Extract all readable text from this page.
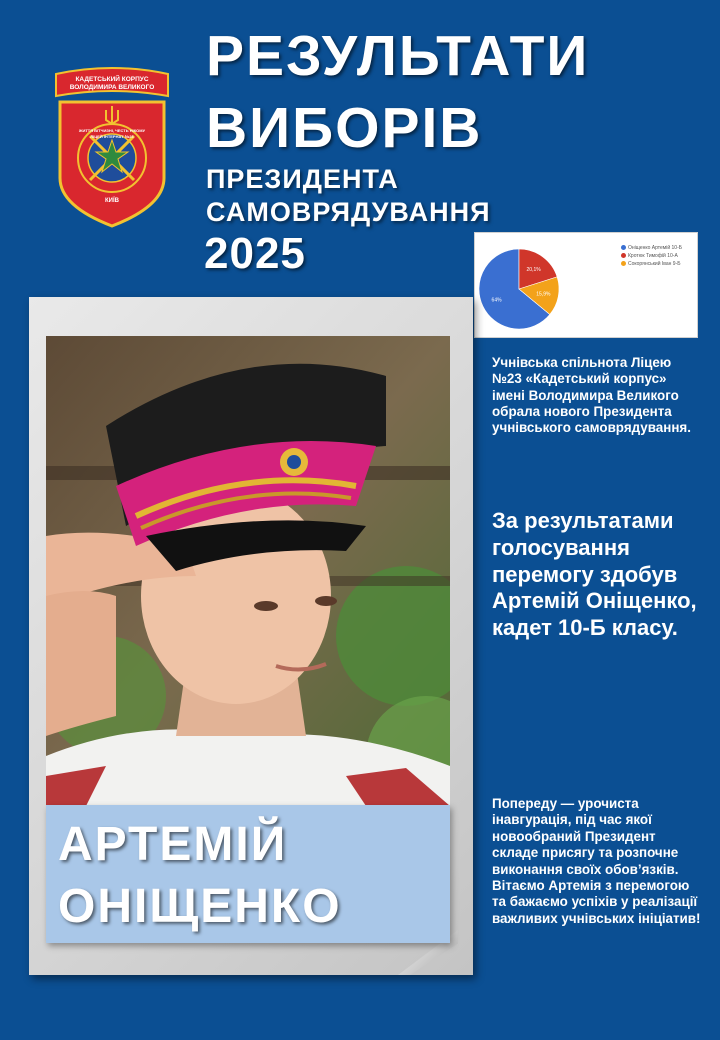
КАДЕТСЬКИЙ КОРПУС
ВОЛОДИМИРА ВЕЛИКОГО
ЖИТТЯ ВІТЧИЗНІ, ЧЕСТЬ НІКОМУ
ЛІЦЕЙ ІНТЕРНАТ №23
КИЇВ
РЕЗУЛЬТАТИ
ВИБОРІВ
ПРЕЗИДЕНТА
САМОВРЯДУВАННЯ
2025
64%
20,1%
15,9%
Оніщенко Артемій 10-Б
Кротюк Тимофій 10-А
Сокорянський Іван 9-Б
АРТЕМІЙ
ОНІЩЕНКО
Учнівська спільнота Ліцею №23 «Кадетський корпус» імені Володимира Великого обрала нового Президента учнівського самоврядування.
За результатами голосування перемогу здобув Артемій Оніщенко, кадет 10-Б класу.

Попереду — урочиста інавгурація, під час якої новообраний Президент складе присягу та розпочне виконання своїх обов’язків.

Вітаємо Артемія з перемогою та бажаємо успіхів у реалізації важливих учнівських ініціатив!
